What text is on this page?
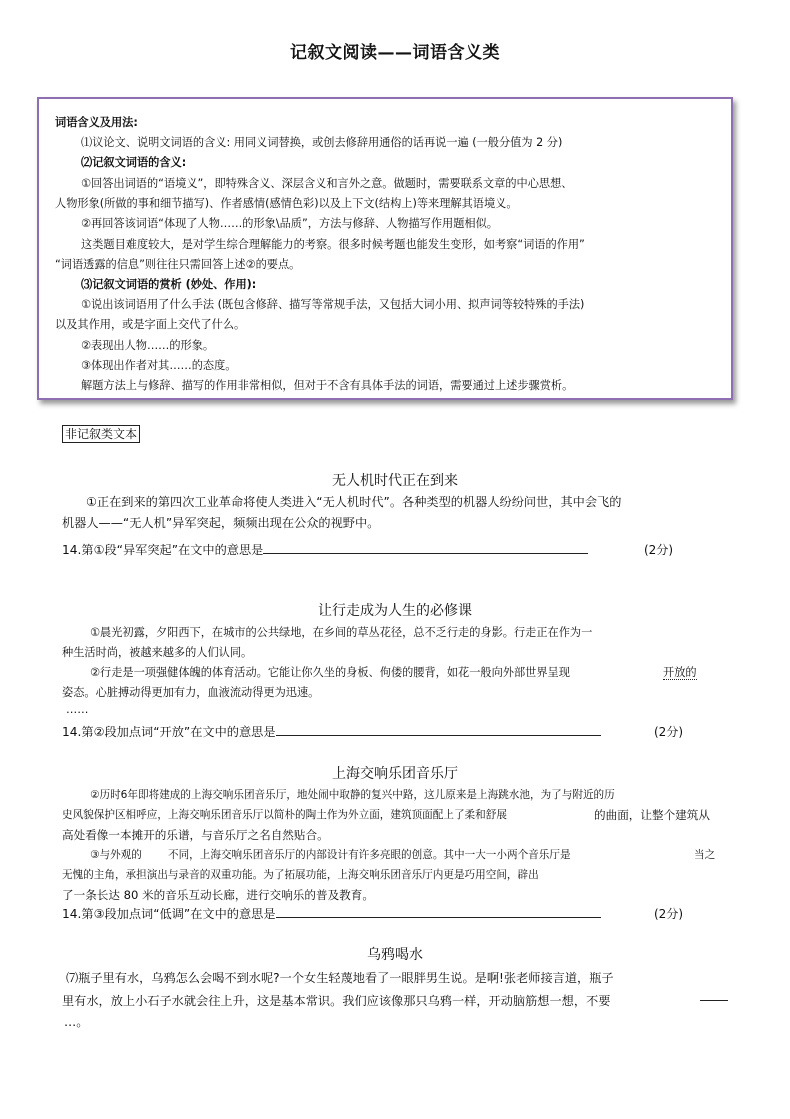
记叙文阅读——词语含义类
词语含义及用法:
⑴议论文、说明文词语的含义: 用同义词替换，或创去修辞用通俗的话再说一遍 (一般分值为 2 分)
⑵记叙文词语的含义:
①回答出词语的“语境义”，即特殊含义、深层含义和言外之意。做题时，需要联系文章的中心思想、
人物形象(所做的事和细节描写)、作者感情(感情色彩)以及上下文(结构上)等来理解其语境义。
②再回答该词语“体现了人物……的形象\品质”，方法与修辞、人物描写作用题相似。
这类题目难度较大，是对学生综合理解能力的考察。很多时候考题也能发生变形，如考察“词语的作用”
“词语透露的信息”则往往只需回答上述②的要点。
⑶记叙文词语的赏析 (妙处、作用):
①说出该词语用了什么手法 (既包含修辞、描写等常规手法，又包括大词小用、拟声词等较特殊的手法)
以及其作用，或是字面上交代了什么。
②表现出人物……的形象。
③体现出作者对其……的态度。
解题方法上与修辞、描写的作用非常相似，但对于不含有具体手法的词语，需要通过上述步骤赏析。
非记叙类文本
无人机时代正在到来
①正在到来的第四次工业革命将使人类进入“无人机时代”。各种类型的机器人纷纷问世，其中会飞的
机器人——“无人机”异军突起，频频出现在公众的视野中。
14.第①段“异军突起”在文中的意思是	(2分)
让行走成为人生的必修课
①晨光初露，夕阳西下，在城市的公共绿地，在乡间的草丛花径，总不乏行走的身影。行走正在作为一
种生活时尚，被越来越多的人们认同。
②行走是一项强健体魄的体育活动。它能让你久坐的身板、佝偻的腰背，如花一般向外部世界呈现	开放的
姿态。心脏搏动得更加有力，血液流动得更为迅速。
……
14.第②段加点词“开放”在文中的意思是	(2分)
上海交响乐团音乐厅
②历时6年即将建成的上海交响乐团音乐厅，地处闹中取静的复兴中路，这儿原来是上海跳水池，为了与附近的历
史风貌保护区相呼应，上海交响乐团音乐厅以简朴的陶土作为外立面，建筑顶面配上了柔和舒展	的曲面，让整个建筑从
高处看像一本摊开的乐谱，与音乐厅之名自然贴合。
③与外观的	不同，上海交响乐团音乐厅的内部设计有许多亮眼的创意。其中一大一小两个音乐厅是	当之
无愧的主角，承担演出与录音的双重功能。为了拓展功能，上海交响乐团音乐厅内更是巧用空间，辟出
了一条长达 80 米的音乐互动长廊，进行交响乐的普及教育。
14.第③段加点词“低调”在文中的意思是	(2分)
乌鸦喝水
⑺瓶子里有水，乌鸦怎么会喝不到水呢?一个女生轻蔑地看了一眼胖男生说。是啊!张老师接言道，瓶子
里有水，放上小石子水就会往上升，这是基本常识。我们应该像那只乌鸦一样，开动脑筋想一想，不要
…。
